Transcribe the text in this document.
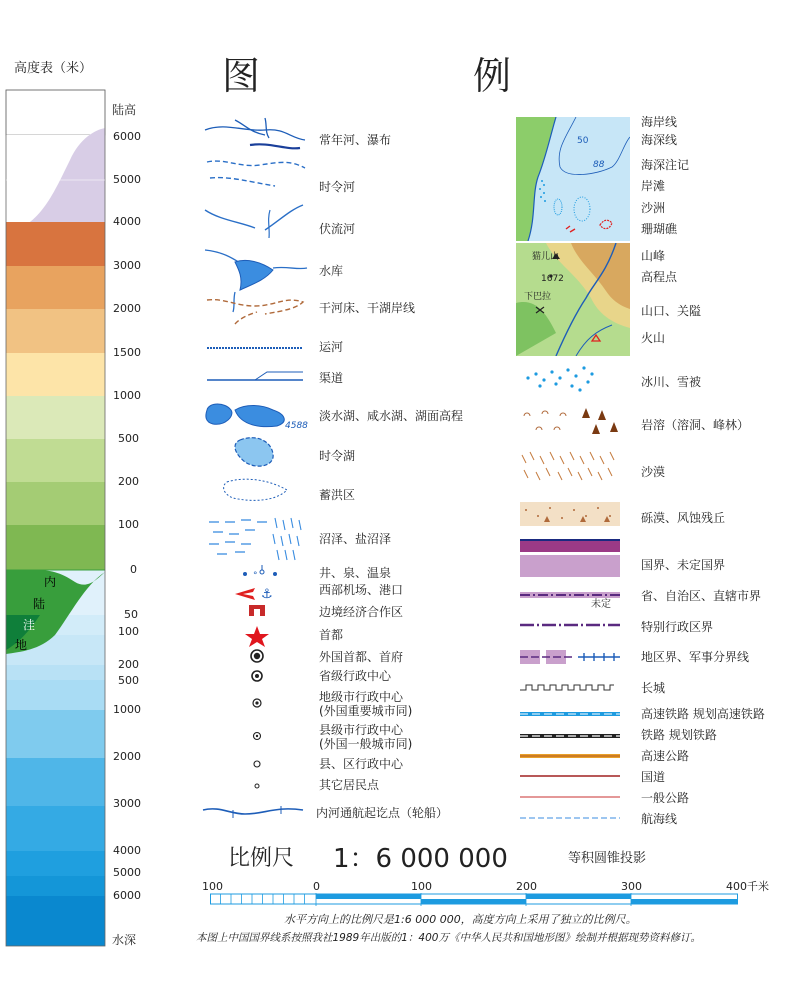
高度表（米）
陆高
6000
5000
4000
3000
2000
1500
1000
500
200
100
0
50
100
200
500
1000
2000
3000
4000
5000
6000
水深
内
陆
洼
地
图	例
°
⚓
4588
常年河、瀑布
时令河
伏流河
水库
干河床、干湖岸线
运河
渠道
淡水湖、咸水湖、湖面高程
时令湖
蓄洪区
沼泽、盐沼泽
井、泉、温泉
西部机场、港口
边境经济合作区
首都
外国首都、首府
省级行政中心
地级市行政中心
(外国重要城市同)
县级市行政中心
(外国一般城市同)
县、区行政中心
其它居民点
内河通航起讫点（轮船）
50
88
猫儿山
1672
下巴拉
未定
海岸线
海深线
海深注记
岸滩
沙洲
珊瑚礁
山峰
高程点
山口、关隘
火山
冰川、雪被
岩溶（溶洞、峰林）
沙漠
砾漠、风蚀残丘
国界、未定国界
省、自治区、直辖市界
特别行政区界
地区界、军事分界线
长城
高速铁路 规划高速铁路
铁路 规划铁路
高速公路
国道
一般公路
航海线
比例尺 1：6 000 000	等积圆锥投影
100	0	100	200	300	400千米
水平方向上的比例尺是1:6 000 000，高度方向上采用了独立的比例尺。
本图上中国国界线系按照我社1989年出版的1：400万《中华人民共和国地形图》绘制并根据现势资料修订。
